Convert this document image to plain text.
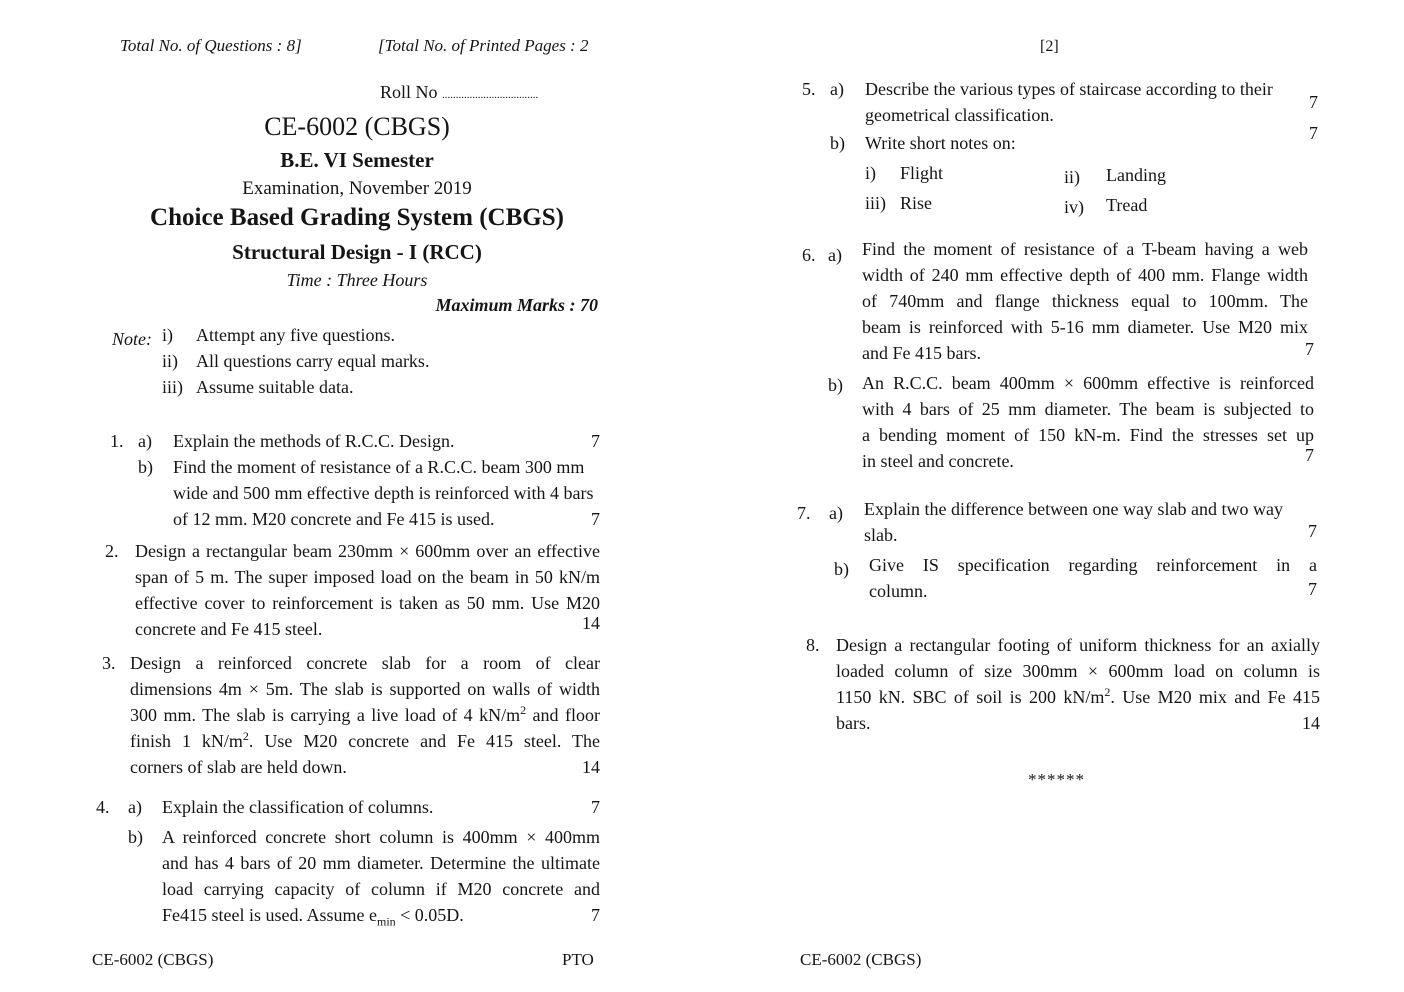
Total No. of Questions : 8]	[Total No. of Printed Pages : 2
Roll No ...................................
CE-6002 (CBGS)
B.E. VI Semester
Examination, November 2019
Choice Based Grading System (CBGS)
Structural Design - I (RCC)
Time : Three Hours
Maximum Marks : 70
Note: i) Attempt any five questions.
ii) All questions carry equal marks.
iii) Assume suitable data.
1. a) Explain the methods of R.C.C. Design.	7
b) Find the moment of resistance of a R.C.C. beam 300 mm
wide and 500 mm effective depth is reinforced with 4 bars
of 12 mm. M20 concrete and Fe 415 is used.	7
2. Design a rectangular beam 230mm × 600mm over an effective
span of 5 m. The super imposed load on the beam in 50 kN/m
effective cover to reinforcement is taken as 50 mm. Use M20
concrete and Fe 415 steel.	14
3. Design a reinforced concrete slab for a room of clear
dimensions 4m × 5m. The slab is supported on walls of width
300 mm. The slab is carrying a live load of 4 $kN/m^2$ and floor
finish 1 $kN/m^2$. Use M20 concrete and Fe 415 steel. The
corners of slab are held down.	14
4. a) Explain the classification of columns.	7
b) A reinforced concrete short column is 400mm × 400mm
and has 4 bars of 20 mm diameter. Determine the ultimate
load carrying capacity of column if M20 concrete and
Fe415 steel is used. Assume $e_{min} < 0.05D$.	7
CE-6002 (CBGS)	PTO
[2]
5. a) Describe the various types of staircase according to their
geometrical classification.
7
b) Write short notes on:	7
i) Flight	ii) Landing
iii) Rise	iv) Tread
6. a) Find the moment of resistance of a T-beam having a web
width of 240 mm effective depth of 400 mm. Flange width
of 740mm and flange thickness equal to 100mm. The
beam is reinforced with 5-16 mm diameter. Use M20 mix
and Fe 415 bars.	7
b) An R.C.C. beam 400mm × 600mm effective is reinforced
with 4 bars of 25 mm diameter. The beam is subjected to
a bending moment of 150 kN-m. Find the stresses set up
in steel and concrete.	7
7. a) Explain the difference between one way slab and two way
slab.	7
b) Give IS specification regarding reinforcement in a
column.	7
8. Design a rectangular footing of uniform thickness for an axially
loaded column of size 300mm × 600mm load on column is
1150 kN. SBC of soil is 200 $kN/m^2$. Use M20 mix and Fe 415
bars.	14
******
CE-6002 (CBGS)
